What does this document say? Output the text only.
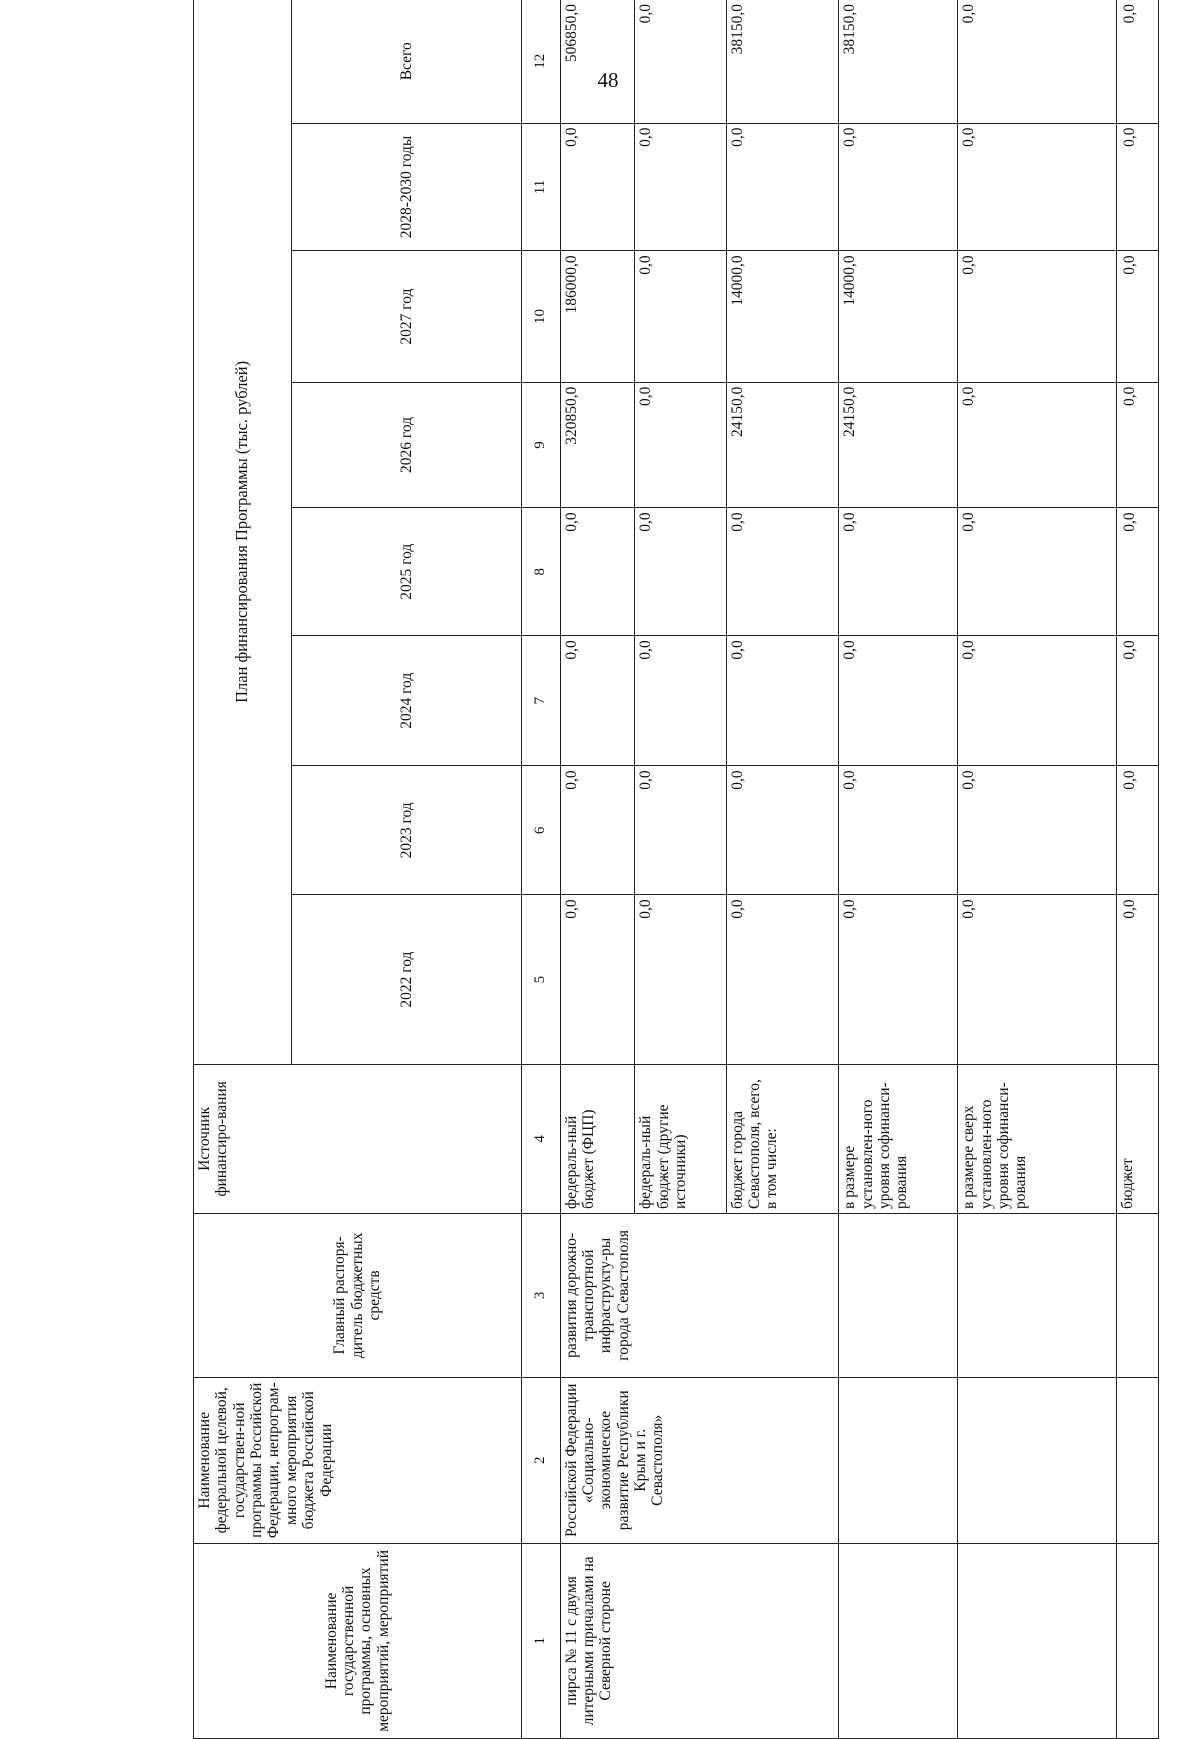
48
Наименование государственной программы, основных мероприятий, мероприятий	Наименование федеральной целевой, государствен-ной программы Российской Федерации, непрограм-много мероприятия бюджета Российской Федерации	Главный распоря-дитель бюджетных средств	Источник финансиро-вания	План финансирования Программы (тыс. рублей)							
				2022 год	2023 год	2024 год	2025 год	2026 год	2027 год	2028-2030 годы	Всего
1	2	3	4	5	6	7	8	9	10	11	12
пирса № 11 с двумя литерными причалами на Северной стороне	Российской Федерации «Социально-экономическое развитие Республики Крым и г. Севастополя»	развития дорожно-транспортной инфраструкту-ры города Севастополя	федераль-ный бюджет (ФЦП)	0,0	0,0	0,0	0,0	320850,0	186000,0	0,0	506850,0
			федераль-ный бюджет (другие источники)	0,0	0,0	0,0	0,0	0,0	0,0	0,0	0,0
			бюджет города Севастополя, всего, в том числе:	0,0	0,0	0,0	0,0	24150,0	14000,0	0,0	38150,0
			в размере установлен-ного уровня софинанси-рования	0,0	0,0	0,0	0,0	24150,0	14000,0	0,0	38150,0
			в размере сверх установлен-ного уровня софинанси-рования	0,0	0,0	0,0	0,0	0,0	0,0	0,0	0,0
			бюджет	0,0	0,0	0,0	0,0	0,0	0,0	0,0	0,0
